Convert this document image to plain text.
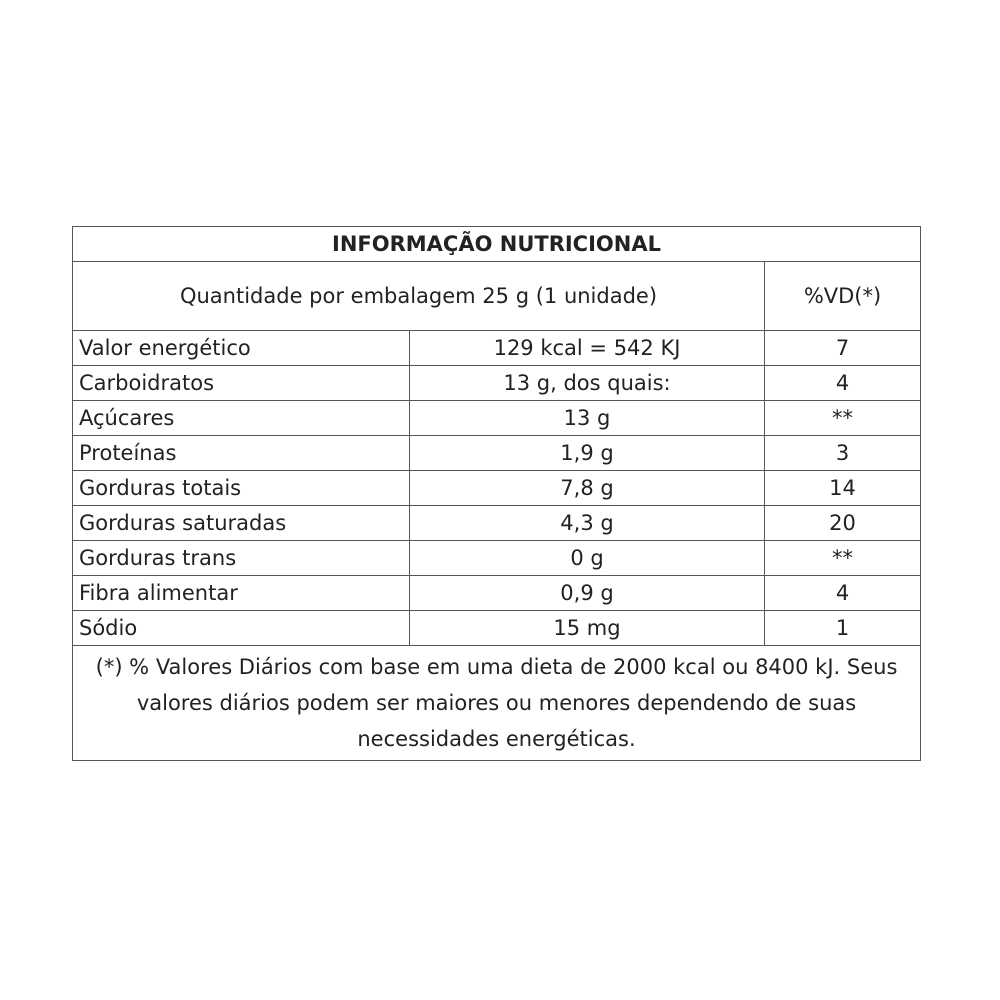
INFORMAÇÃO NUTRICIONAL		
Quantidade por embalagem 25 g (1 unidade)		%VD(*)
Valor energético	129 kcal = 542 KJ	7
Carboidratos	13 g, dos quais:	4
Açúcares	13 g	**
Proteínas	1,9 g	3
Gorduras totais	7,8 g	14
Gorduras saturadas	4,3 g	20
Gorduras trans	0 g	**
Fibra alimentar	0,9 g	4
Sódio	15 mg	1

(*) % Valores Diários com base em uma dieta de 2000 kcal ou 8400 kJ. Seus
valores diários podem ser maiores ou menores dependendo de suas
necessidades energéticas.		
